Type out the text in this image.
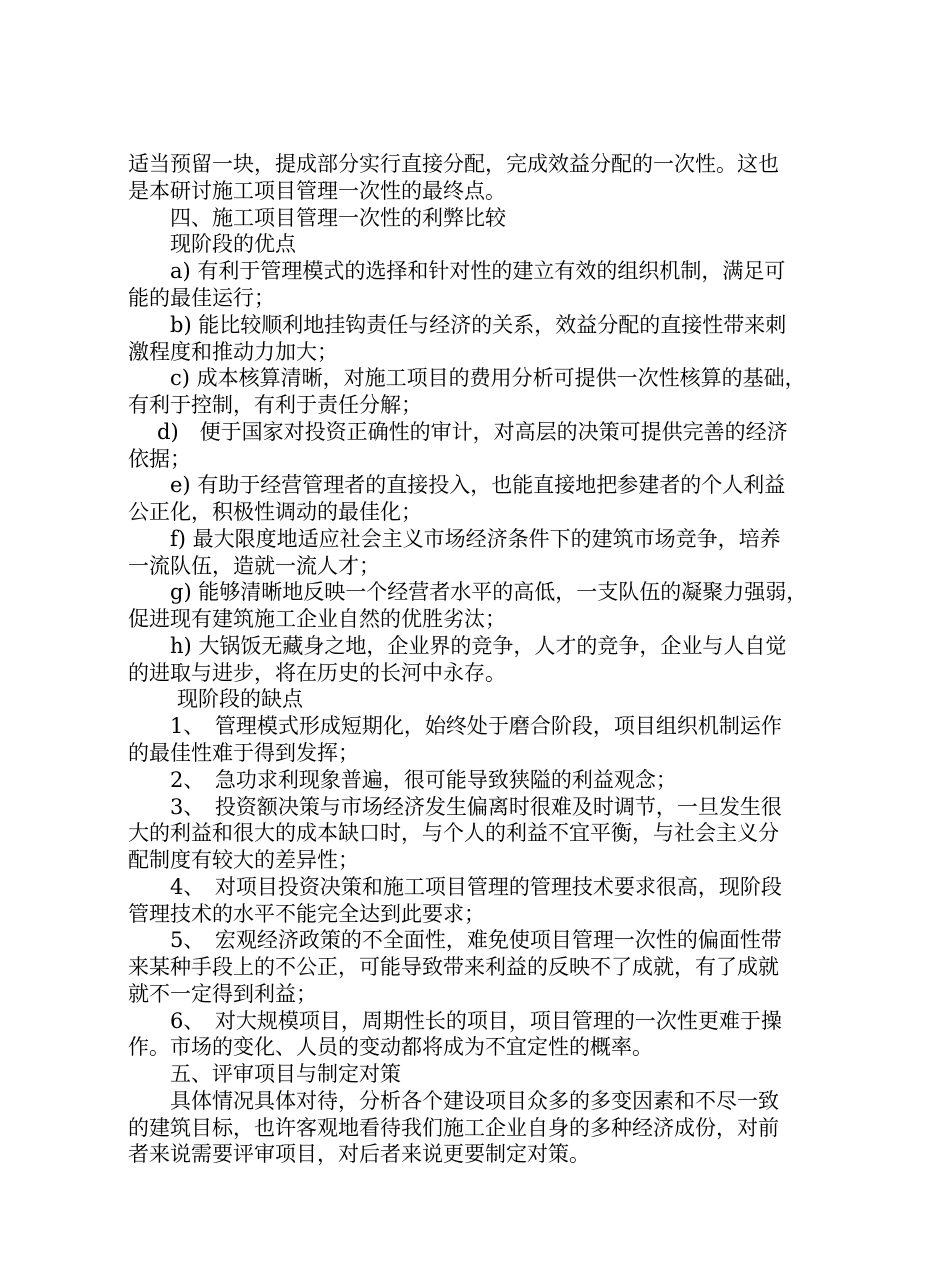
适当预留一块，提成部分实行直接分配，完成效益分配的一次性。这也

是本研讨施工项目管理一次性的最终点。

四、施工项目管理一次性的利弊比较

现阶段的优点

a) 有利于管理模式的选择和针对性的建立有效的组织机制，满足可

能的最佳运行；

b) 能比较顺利地挂钩责任与经济的关系，效益分配的直接性带来刺

激程度和推动力加大；

c) 成本核算清晰，对施工项目的费用分析可提供一次性核算的基础，

有利于控制，有利于责任分解；

d)　便于国家对投资正确性的审计，对高层的决策可提供完善的经济

依据；

e) 有助于经营管理者的直接投入，也能直接地把参建者的个人利益

公正化，积极性调动的最佳化；

f) 最大限度地适应社会主义市场经济条件下的建筑市场竞争，培养

一流队伍，造就一流人才；

g) 能够清晰地反映一个经营者水平的高低，一支队伍的凝聚力强弱，

促进现有建筑施工企业自然的优胜劣汰；

h) 大锅饭无藏身之地，企业界的竞争，人才的竞争，企业与人自觉

的进取与进步，将在历史的长河中永存。

现阶段的缺点

1、　管理模式形成短期化，始终处于磨合阶段，项目组织机制运作

的最佳性难于得到发挥；

2、　急功求利现象普遍，很可能导致狭隘的利益观念；

3、　投资额决策与市场经济发生偏离时很难及时调节，一旦发生很

大的利益和很大的成本缺口时，与个人的利益不宜平衡，与社会主义分

配制度有较大的差异性；

4、　对项目投资决策和施工项目管理的管理技术要求很高，现阶段

管理技术的水平不能完全达到此要求；

5、　宏观经济政策的不全面性，难免使项目管理一次性的偏面性带

来某种手段上的不公正，可能导致带来利益的反映不了成就，有了成就

就不一定得到利益；

6、　对大规模项目，周期性长的项目，项目管理的一次性更难于操

作。市场的变化、人员的变动都将成为不宜定性的概率。

五、评审项目与制定对策

具体情况具体对待，分析各个建设项目众多的多变因素和不尽一致

的建筑目标，也许客观地看待我们施工企业自身的多种经济成份，对前

者来说需要评审项目，对后者来说更要制定对策。
